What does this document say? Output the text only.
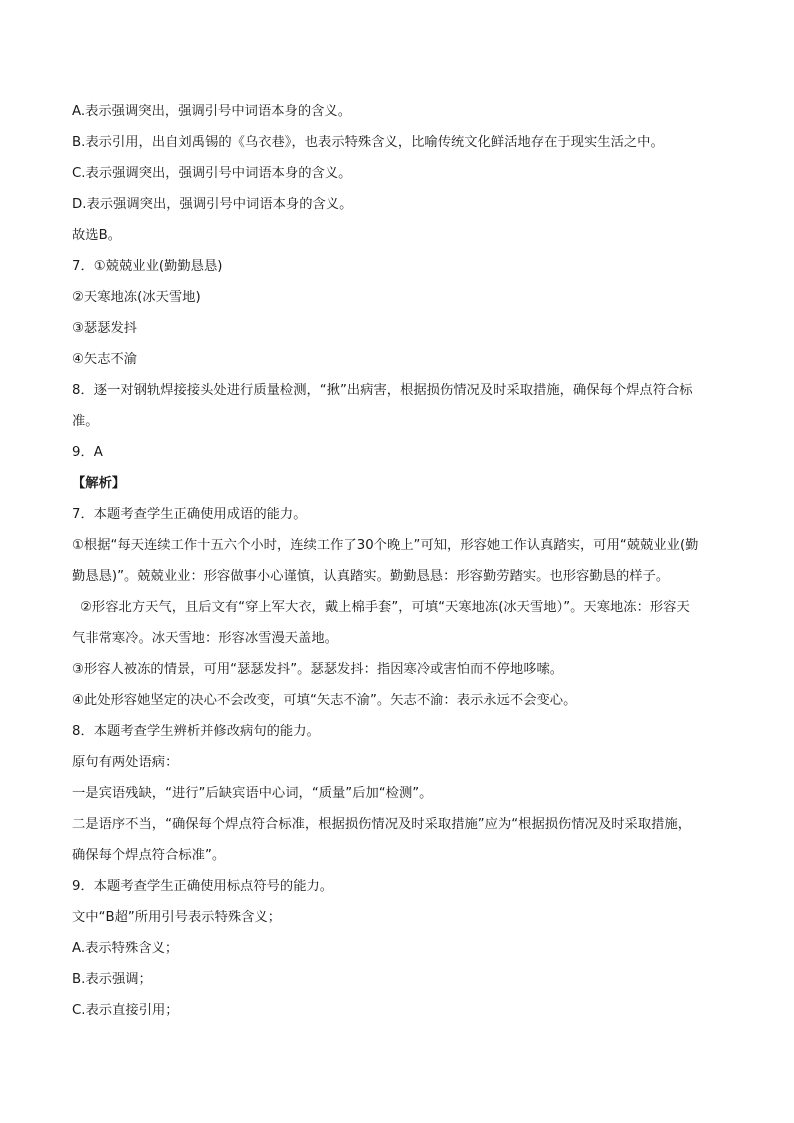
A.表示强调突出，强调引号中词语本身的含义。
B.表示引用，出自刘禹锡的《乌衣巷》，也表示特殊含义，比喻传统文化鲜活地存在于现实生活之中。
C.表示强调突出，强调引号中词语本身的含义。
D.表示强调突出，强调引号中词语本身的含义。
故选B。
7．①兢兢业业(勤勤恳恳)
②天寒地冻(冰天雪地)
③瑟瑟发抖
④矢志不渝
8．逐一对钢轨焊接接头处进行质量检测，“揪”出病害，根据损伤情况及时采取措施，确保每个焊点符合标
准。
9．A
【解析】
7．本题考查学生正确使用成语的能力。
①根据“每天连续工作十五六个小时，连续工作了30个晚上”可知，形容她工作认真踏实，可用“兢兢业业(勤
勤恳恳)”。兢兢业业：形容做事小心谨慎，认真踏实。勤勤恳恳：形容勤劳踏实。也形容勤恳的样子。
②形容北方天气，且后文有“穿上军大衣，戴上棉手套”，可填“天寒地冻(冰天雪地）”。天寒地冻：形容天
气非常寒冷。冰天雪地：形容冰雪漫天盖地。
③形容人被冻的情景，可用“瑟瑟发抖”。瑟瑟发抖：指因寒冷或害怕而不停地哆嗦。
④此处形容她坚定的决心不会改变，可填“矢志不渝”。矢志不渝：表示永远不会变心。
8．本题考查学生辨析并修改病句的能力。
原句有两处语病：
一是宾语残缺，“进行”后缺宾语中心词，“质量”后加“检测”。
二是语序不当，“确保每个焊点符合标准，根据损伤情况及时采取措施”应为“根据损伤情况及时采取措施，
确保每个焊点符合标准”。
9．本题考查学生正确使用标点符号的能力。
文中“B超”所用引号表示特殊含义；
A.表示特殊含义；
B.表示强调；
C.表示直接引用；
